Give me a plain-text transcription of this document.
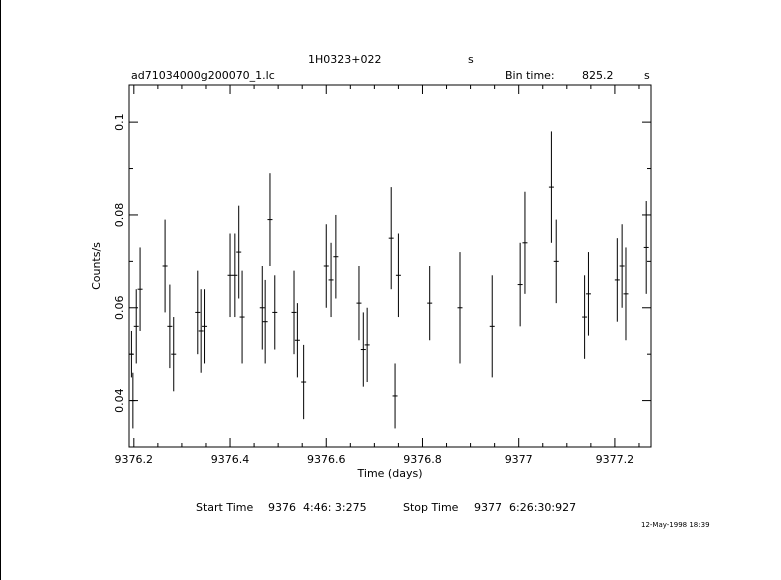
1H0323+022	s
ad71034000g200070_1.lc	Bin time: 825.2	s
9376.2	9376.4	9376.6	9376.8	9377	9377.2
0.04
0.06
0.08
0.1
Time (days)
Counts/s
Start Time 9376  4:46: 3:275	Stop Time 9377  6:26:30:927
12-May-1998 18:39
